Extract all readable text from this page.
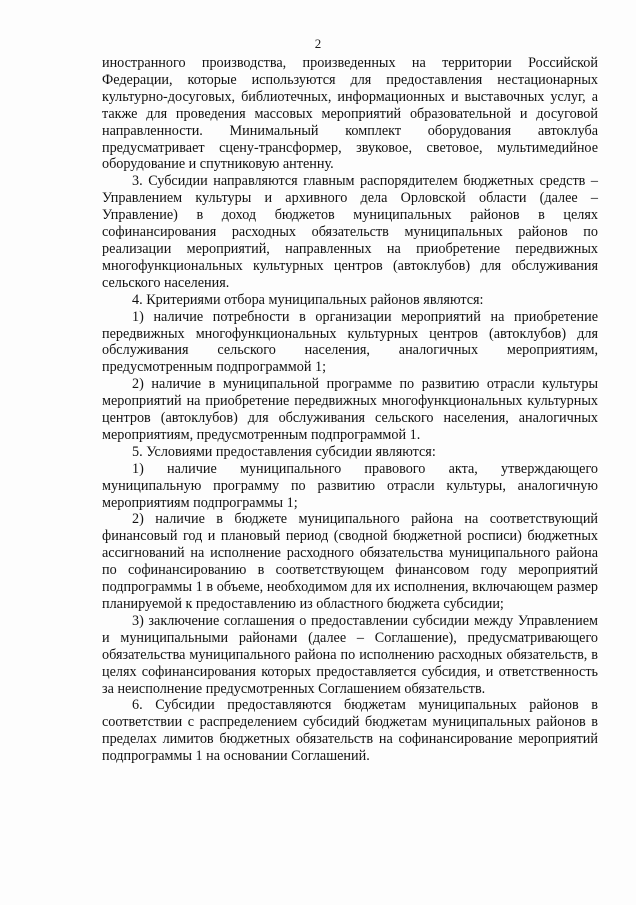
2

иностранного производства, произведенных на территории Российской Федерации, которые используются для предоставления нестационарных культурно-досуговых, библиотечных, информационных и выставочных услуг, а также для проведения массовых мероприятий образовательной и досуговой направленности. Минимальный комплект оборудования автоклуба предусматривает сцену-трансформер, звуковое, световое, мультимедийное оборудование и спутниковую антенну.

3. Субсидии направляются главным распорядителем бюджетных средств – Управлением культуры и архивного дела Орловской области (далее – Управление) в доход бюджетов муниципальных районов в целях софинансирования расходных обязательств муниципальных районов по реализации мероприятий, направленных на приобретение передвижных многофункциональных культурных центров (автоклубов) для обслуживания сельского населения.

4. Критериями отбора муниципальных районов являются:

1) наличие потребности в организации мероприятий на приобретение передвижных многофункциональных культурных центров (автоклубов) для обслуживания сельского населения, аналогичных мероприятиям, предусмотренным подпрограммой 1;

2) наличие в муниципальной программе по развитию отрасли культуры мероприятий на приобретение передвижных многофункциональных культурных центров (автоклубов) для обслуживания сельского населения, аналогичных мероприятиям, предусмотренным подпрограммой 1.

5. Условиями предоставления субсидии являются:

1) наличие муниципального правового акта, утверждающего муниципальную программу по развитию отрасли культуры, аналогичную мероприятиям подпрограммы 1;

2) наличие в бюджете муниципального района на соответствующий финансовый год и плановый период (сводной бюджетной росписи) бюджетных ассигнований на исполнение расходного обязательства муниципального района по софинансированию в соответствующем финансовом году мероприятий подпрограммы 1 в объеме, необходимом для их исполнения, включающем размер планируемой к предоставлению из областного бюджета субсидии;

3) заключение соглашения о предоставлении субсидии между Управлением и муниципальными районами (далее – Соглашение), предусматривающего обязательства муниципального района по исполнению расходных обязательств, в целях софинансирования которых предоставляется субсидия, и ответственность за неисполнение предусмотренных Соглашением обязательств.

6. Субсидии предоставляются бюджетам муниципальных районов в соответствии с распределением субсидий бюджетам муниципальных районов в пределах лимитов бюджетных обязательств на софинансирование мероприятий подпрограммы 1 на основании Соглашений.
